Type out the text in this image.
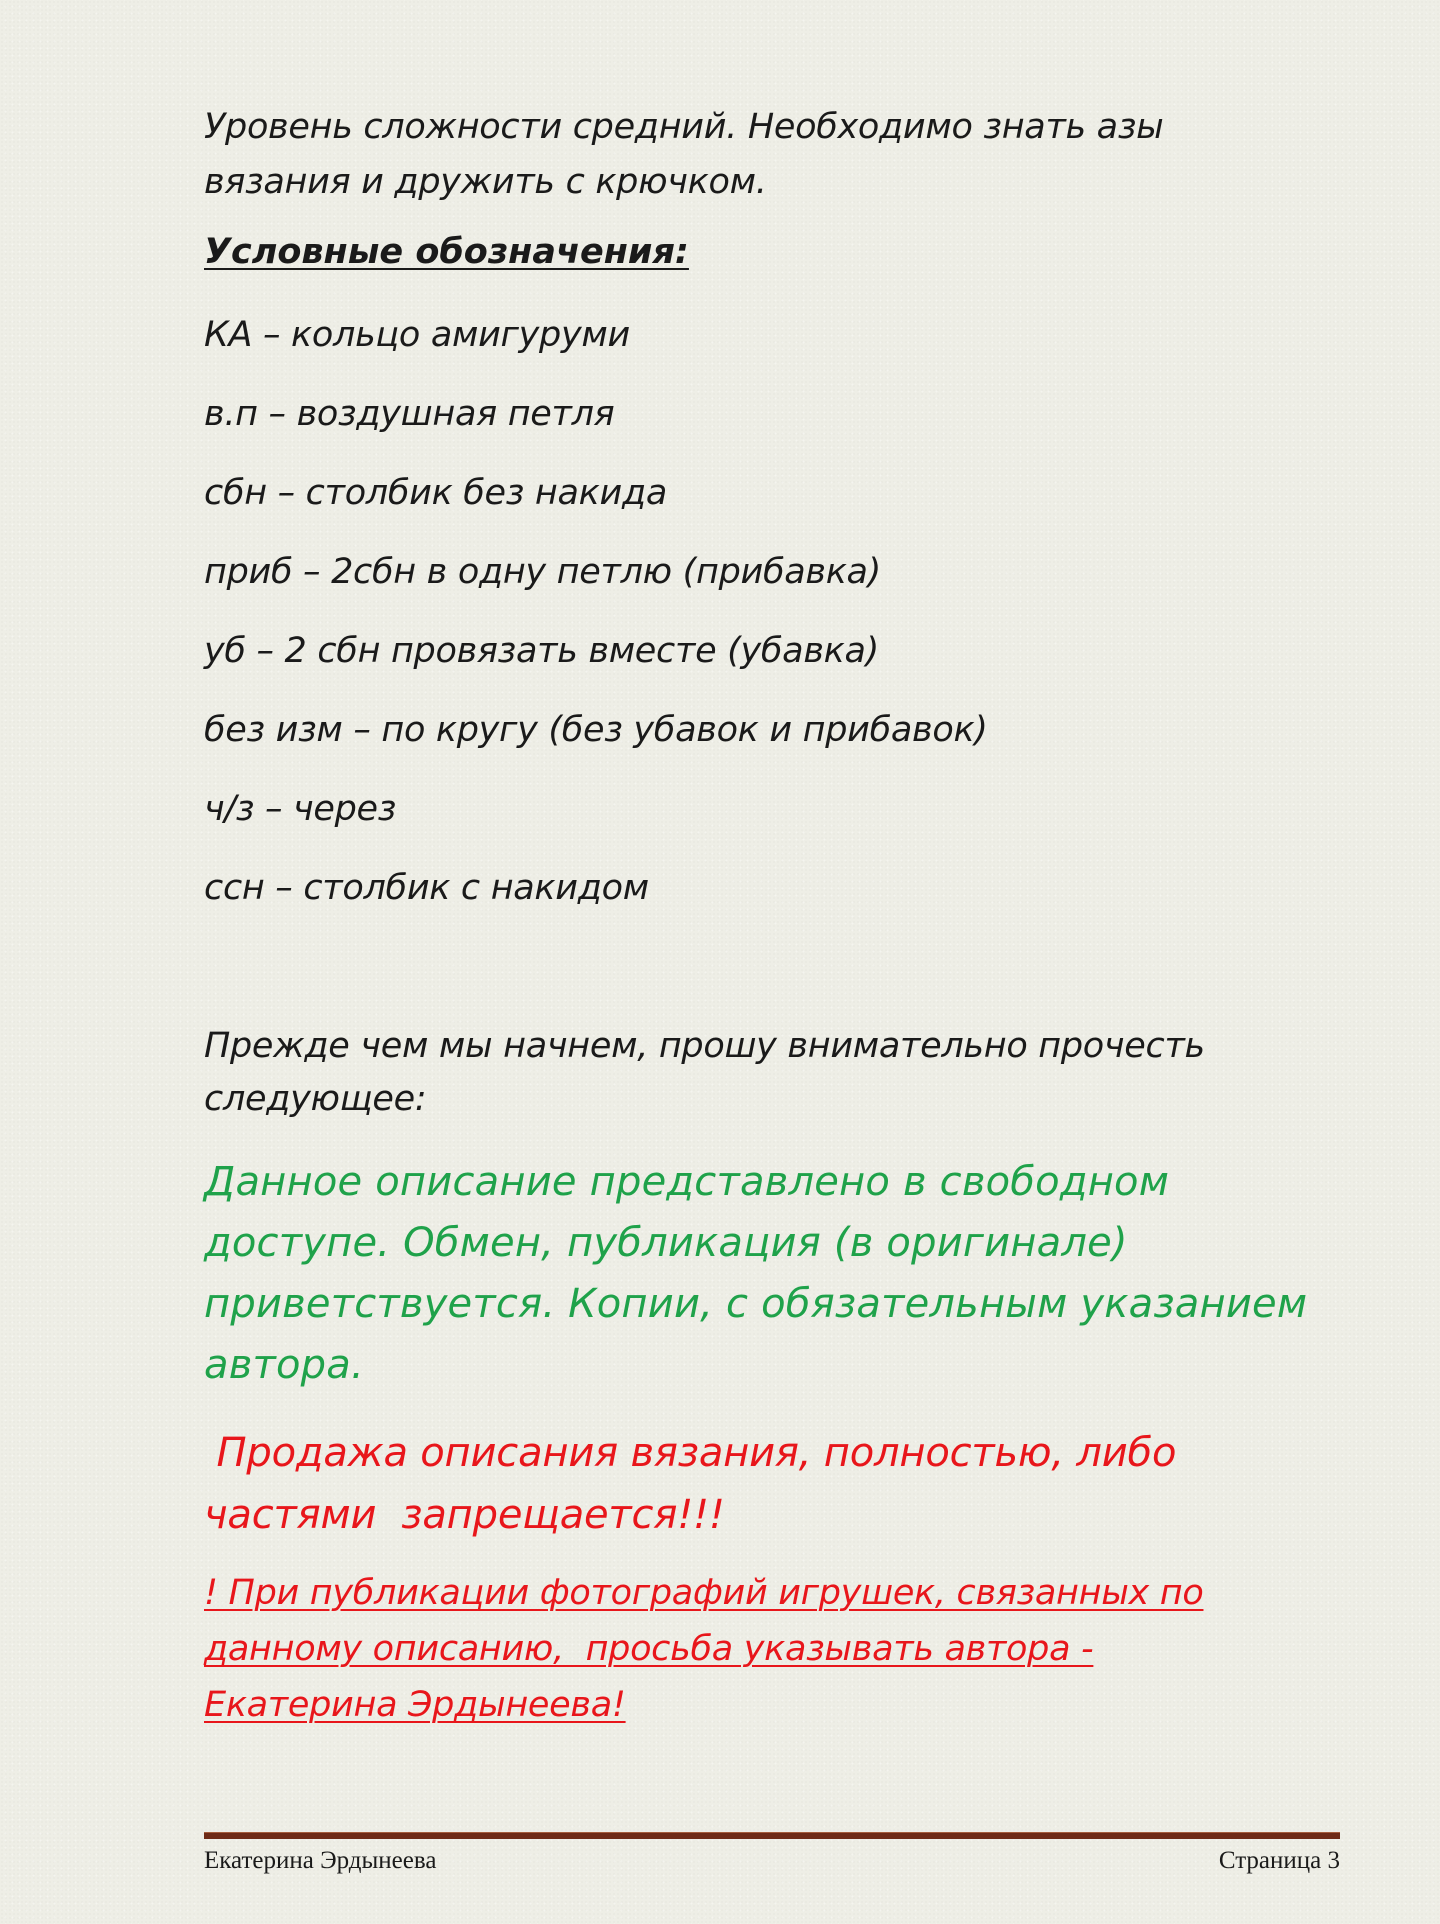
Уровень сложности средний. Необходимо знать азы
вязания и дружить с крючком.
Условные обозначения:
КА – кольцо амигуруми
в.п – воздушная петля
сбн – столбик без накида
приб – 2сбн в одну петлю (прибавка)
уб – 2 сбн провязать вместе (убавка)
без изм – по кругу (без убавок и прибавок)
ч/з – через
ссн – столбик с накидом
Прежде чем мы начнем, прошу внимательно прочесть
следующее:
Данное описание представлено в свободном
доступе. Обмен, публикация (в оригинале)
приветствуется. Копии, с обязательным указанием
автора.
Продажа описания вязания, полностью, либо
частями  запрещается!!!
! При публикации фотографий игрушек, связанных по
данному описанию,  просьба указывать автора -
Екатерина Эрдынеева!
Екатерина Эрдынеева	Страница 3
